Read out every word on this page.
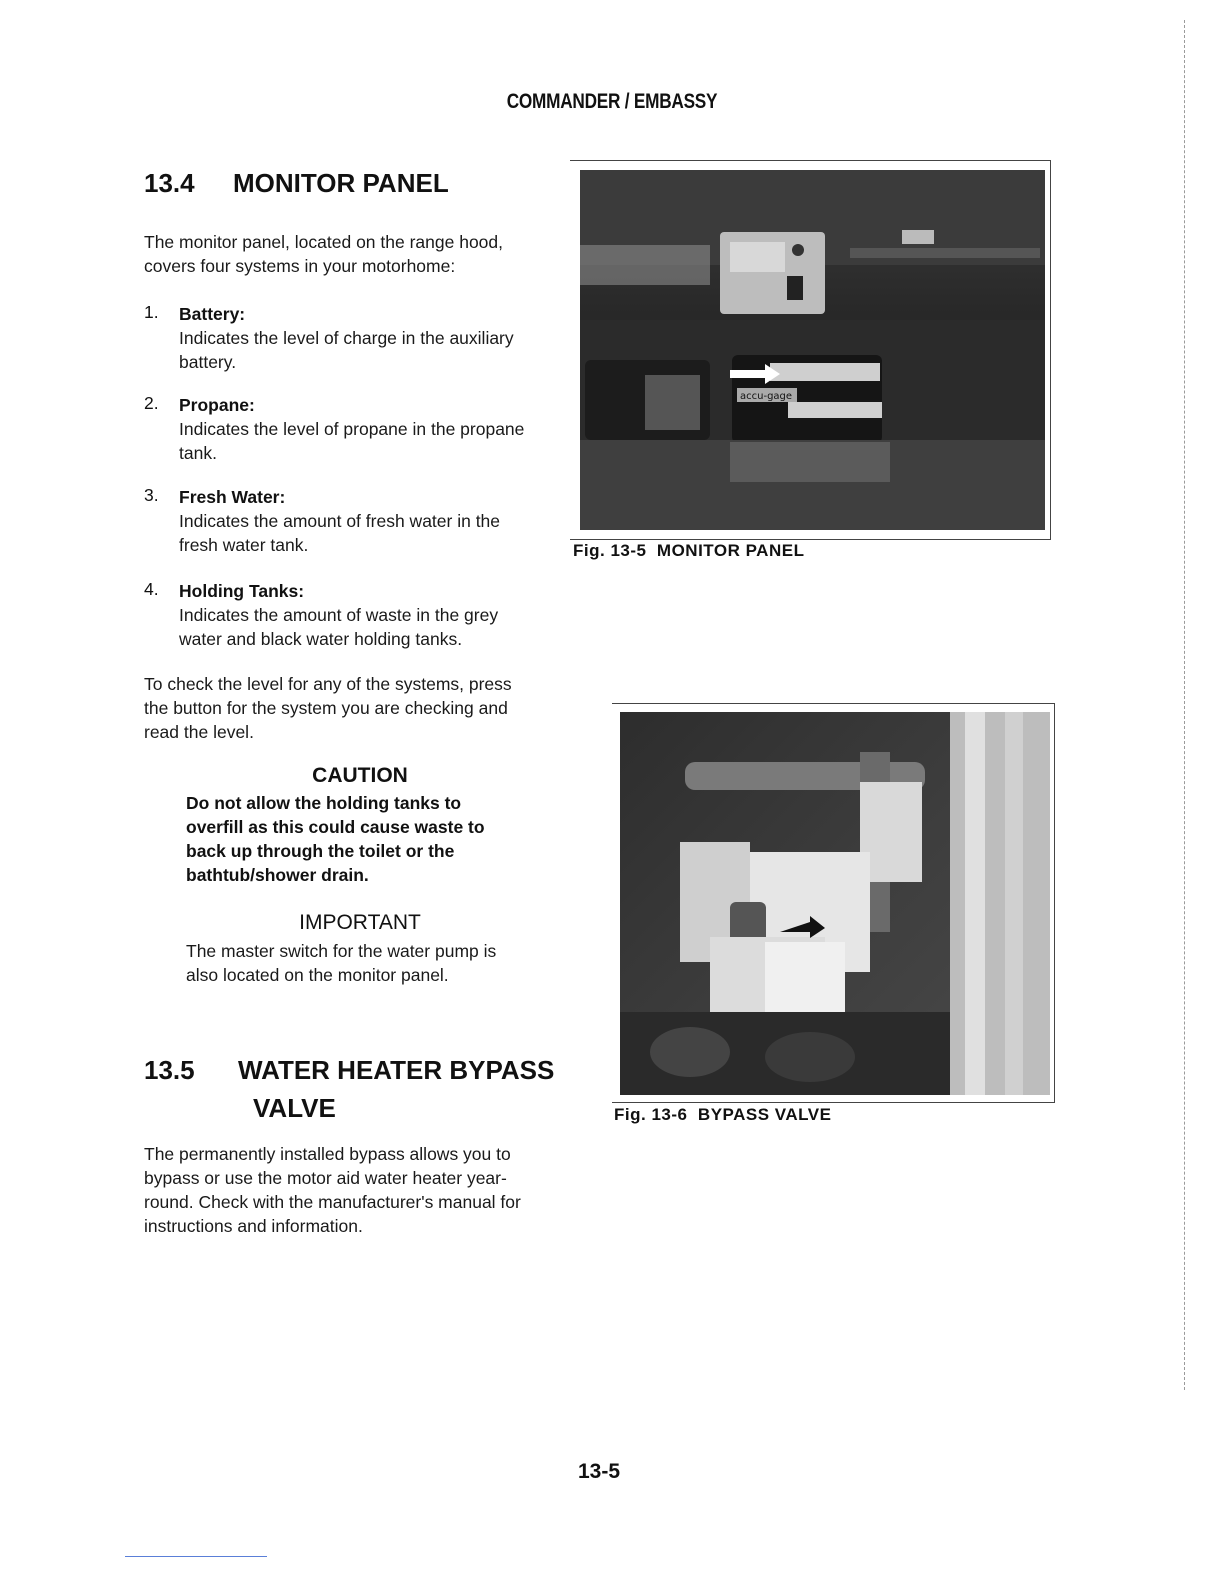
COMMANDER / EMBASSY
13.4 MONITOR PANEL
The monitor panel, located on the range hood,
covers four systems in your motorhome:
1. Battery:
Indicates the level of charge in the auxiliary
battery.
2. Propane:
Indicates the level of propane in the propane
tank.
3. Fresh Water:
Indicates the amount of fresh water in the
fresh water tank.
4. Holding Tanks:
Indicates the amount of waste in the grey
water and black water holding tanks.
To check the level for any of the systems, press
the button for the system you are checking and
read the level.
CAUTION
Do not allow the holding tanks to
overfill as this could cause waste to
back up through the toilet or the
bathtub/shower drain.
IMPORTANT
The master switch for the water pump is
also located on the monitor panel.
13.5 WATER HEATER BYPASS
VALVE
The permanently installed bypass allows you to
bypass or use the motor aid water heater year-
round. Check with the manufacturer's manual for
instructions and information.
accu-gage
Fig. 13-5 MONITOR PANEL
Fig. 13-6 BYPASS VALVE
13-5
